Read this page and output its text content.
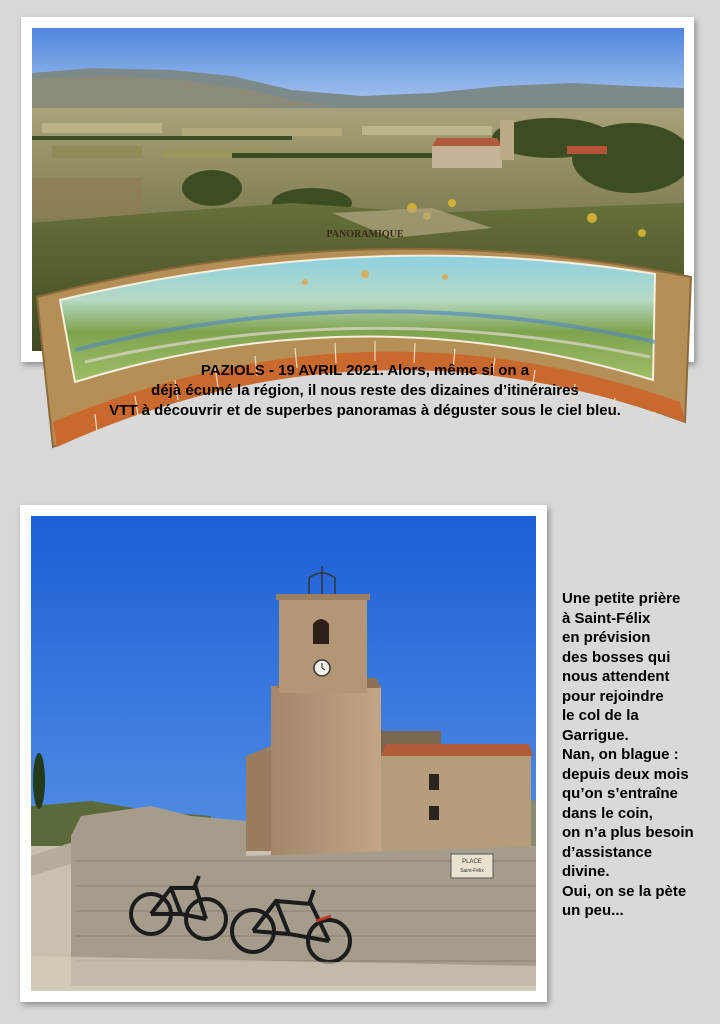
PANORAMIQUE
PAZIOLS - 19 AVRIL 2021. Alors, même si on a
déjà écumé la région, il nous reste des dizaines d’itinéraires
VTT à découvrir et de superbes panoramas à déguster sous le ciel bleu.
PLACE
Saint-Félix
Une petite prière
à Saint-Félix
en prévision
des bosses qui
nous attendent
pour rejoindre
le col de la
Garrigue.
Nan, on blague :
depuis deux mois
qu’on s’entraîne
dans le coin,
on n’a plus besoin
d’assistance
divine.
Oui, on se la pète
un peu...
